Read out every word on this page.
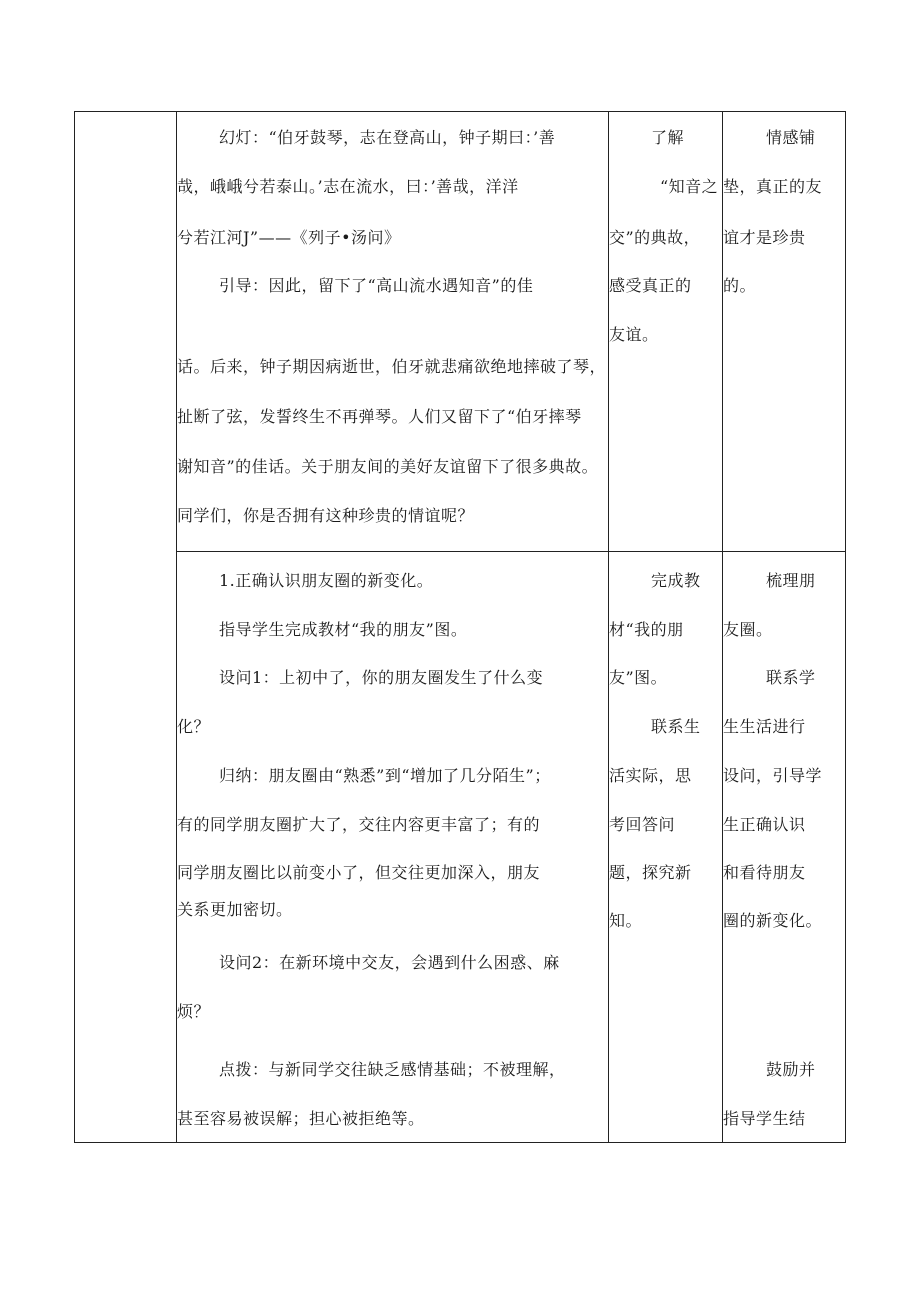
幻灯：“伯牙鼓琴，志在登高山，钟子期曰：’善
哉，峨峨兮若泰山。’志在流水，曰：’善哉，洋洋
兮若江河J”——《列子•汤问》
引导：因此，留下了“高山流水遇知音”的佳
话。后来，钟子期因病逝世，伯牙就悲痛欲绝地摔破了琴，
扯断了弦，发誓终生不再弹琴。人们又留下了“伯牙摔琴
谢知音”的佳话。关于朋友间的美好友谊留下了很多典故。
同学们，你是否拥有这种珍贵的情谊呢？
了解
“知音之
交”的典故，
感受真正的
友谊。
情感铺
垫，真正的友
谊才是珍贵
的。
1.正确认识朋友圈的新变化。
指导学生完成教材“我的朋友”图。
设问1：上初中了，你的朋友圈发生了什么变
化？
归纳：朋友圈由“熟悉”到“增加了几分陌生”；
有的同学朋友圈扩大了，交往内容更丰富了；有的
同学朋友圈比以前变小了，但交往更加深入，朋友
关系更加密切。
设问2：在新环境中交友，会遇到什么困惑、麻
烦？
点拨：与新同学交往缺乏感情基础；不被理解，
甚至容易被误解；担心被拒绝等。
完成教
材“我的朋
友”图。
联系生
活实际，思
考回答问
题，探究新
知。
梳理朋
友圈。
联系学
生生活进行
设问，引导学
生正确认识
和看待朋友
圈的新变化。
鼓励并
指导学生结
